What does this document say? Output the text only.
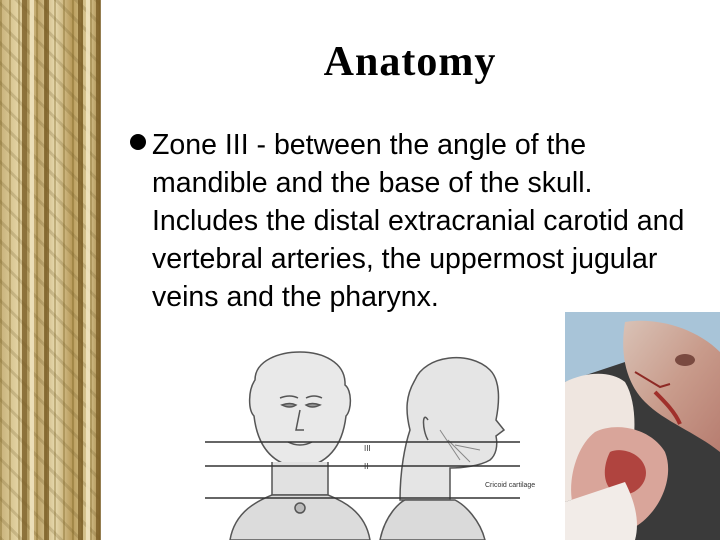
Anatomy

Zone III - between the angle of the mandible and the base of the skull. Includes the distal extracranial carotid and vertebral arteries, the uppermost jugular veins and the pharynx.

III
II
Cricoid cartilage
